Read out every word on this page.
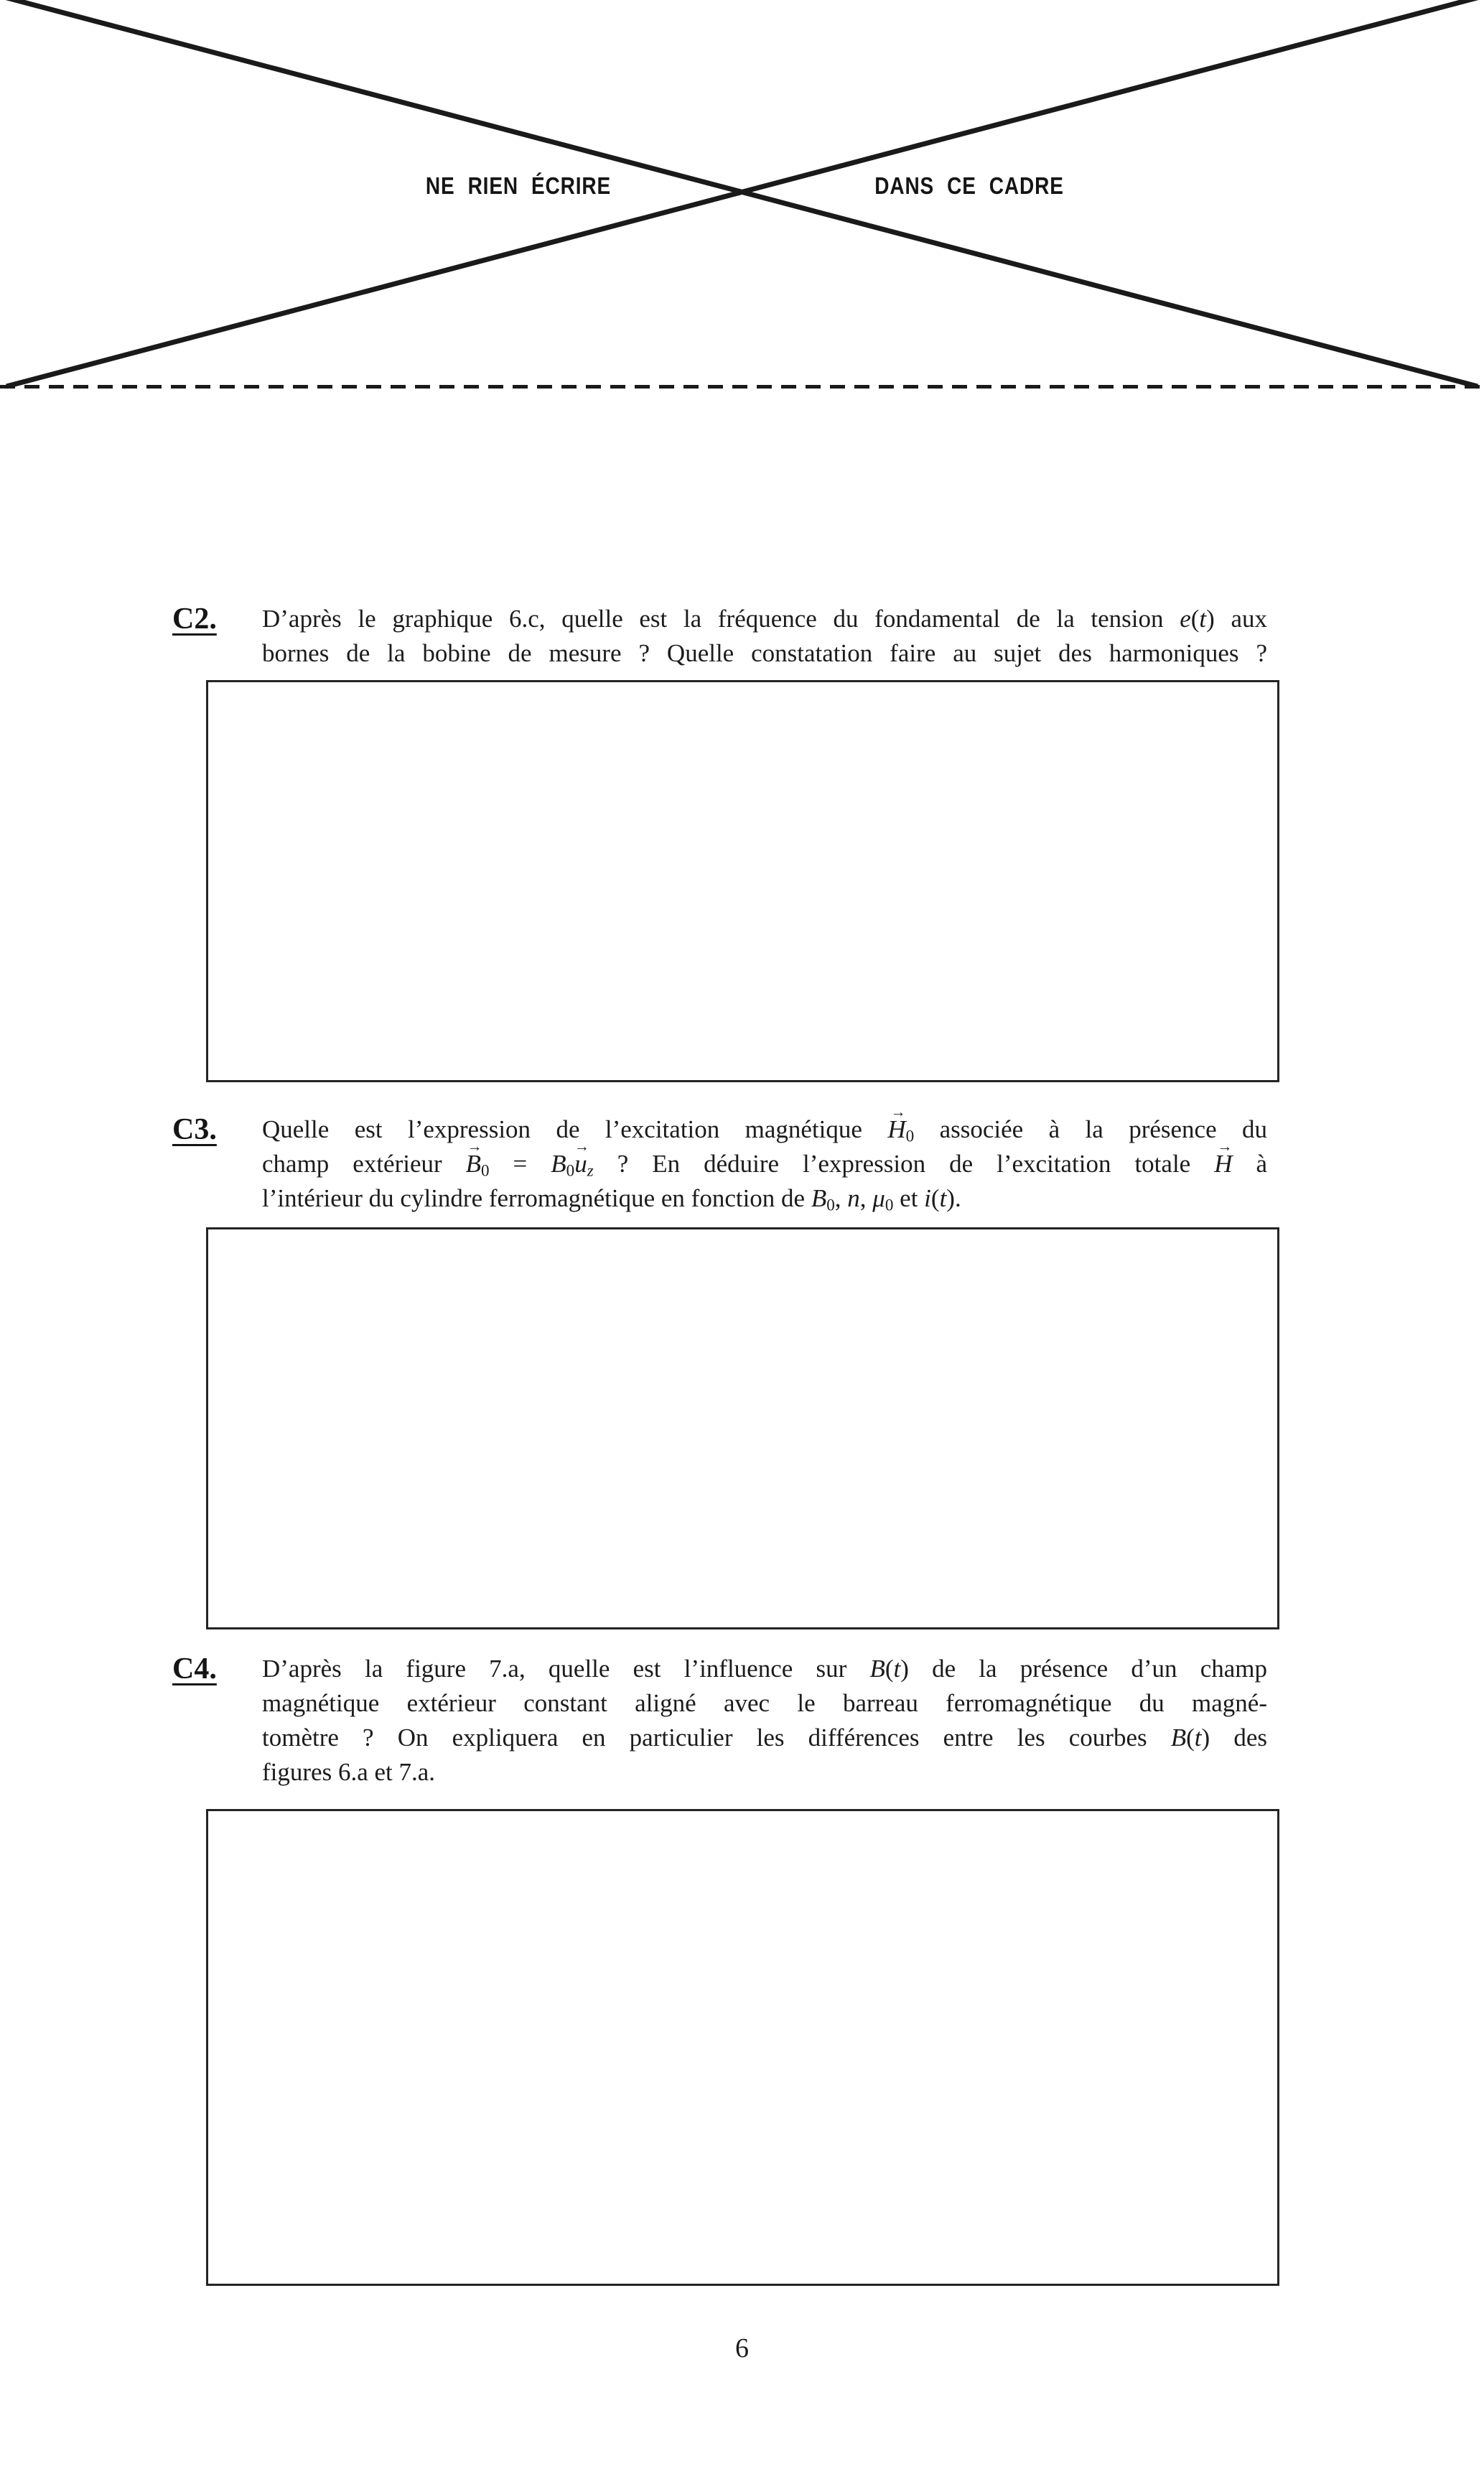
NE RIEN ÉCRIRE	DANS CE CADRE
C2. D’après le graphique 6.c, quelle est la fréquence du fondamental de la tension e(t) aux
bornes de la bobine de mesure ? Quelle constatation faire au sujet des harmoniques ?
C3. Quelle est l’expression de l’excitation magnétique → $H_0$ associée à la présence du
champ extérieur → $B_0 = B_0\to u_z$ ? En déduire l’expression de l’excitation totale → H à
l’intérieur du cylindre ferromagnétique en fonction de $B_0$, n, $\mu_0$ et i(t).
C4. D’après la figure 7.a, quelle est l’influence sur B(t) de la présence d’un champ
magnétique extérieur constant aligné avec le barreau ferromagnétique du magné-
tomètre ? On expliquera en particulier les différences entre les courbes B(t) des
figures 6.a et 7.a.
6
